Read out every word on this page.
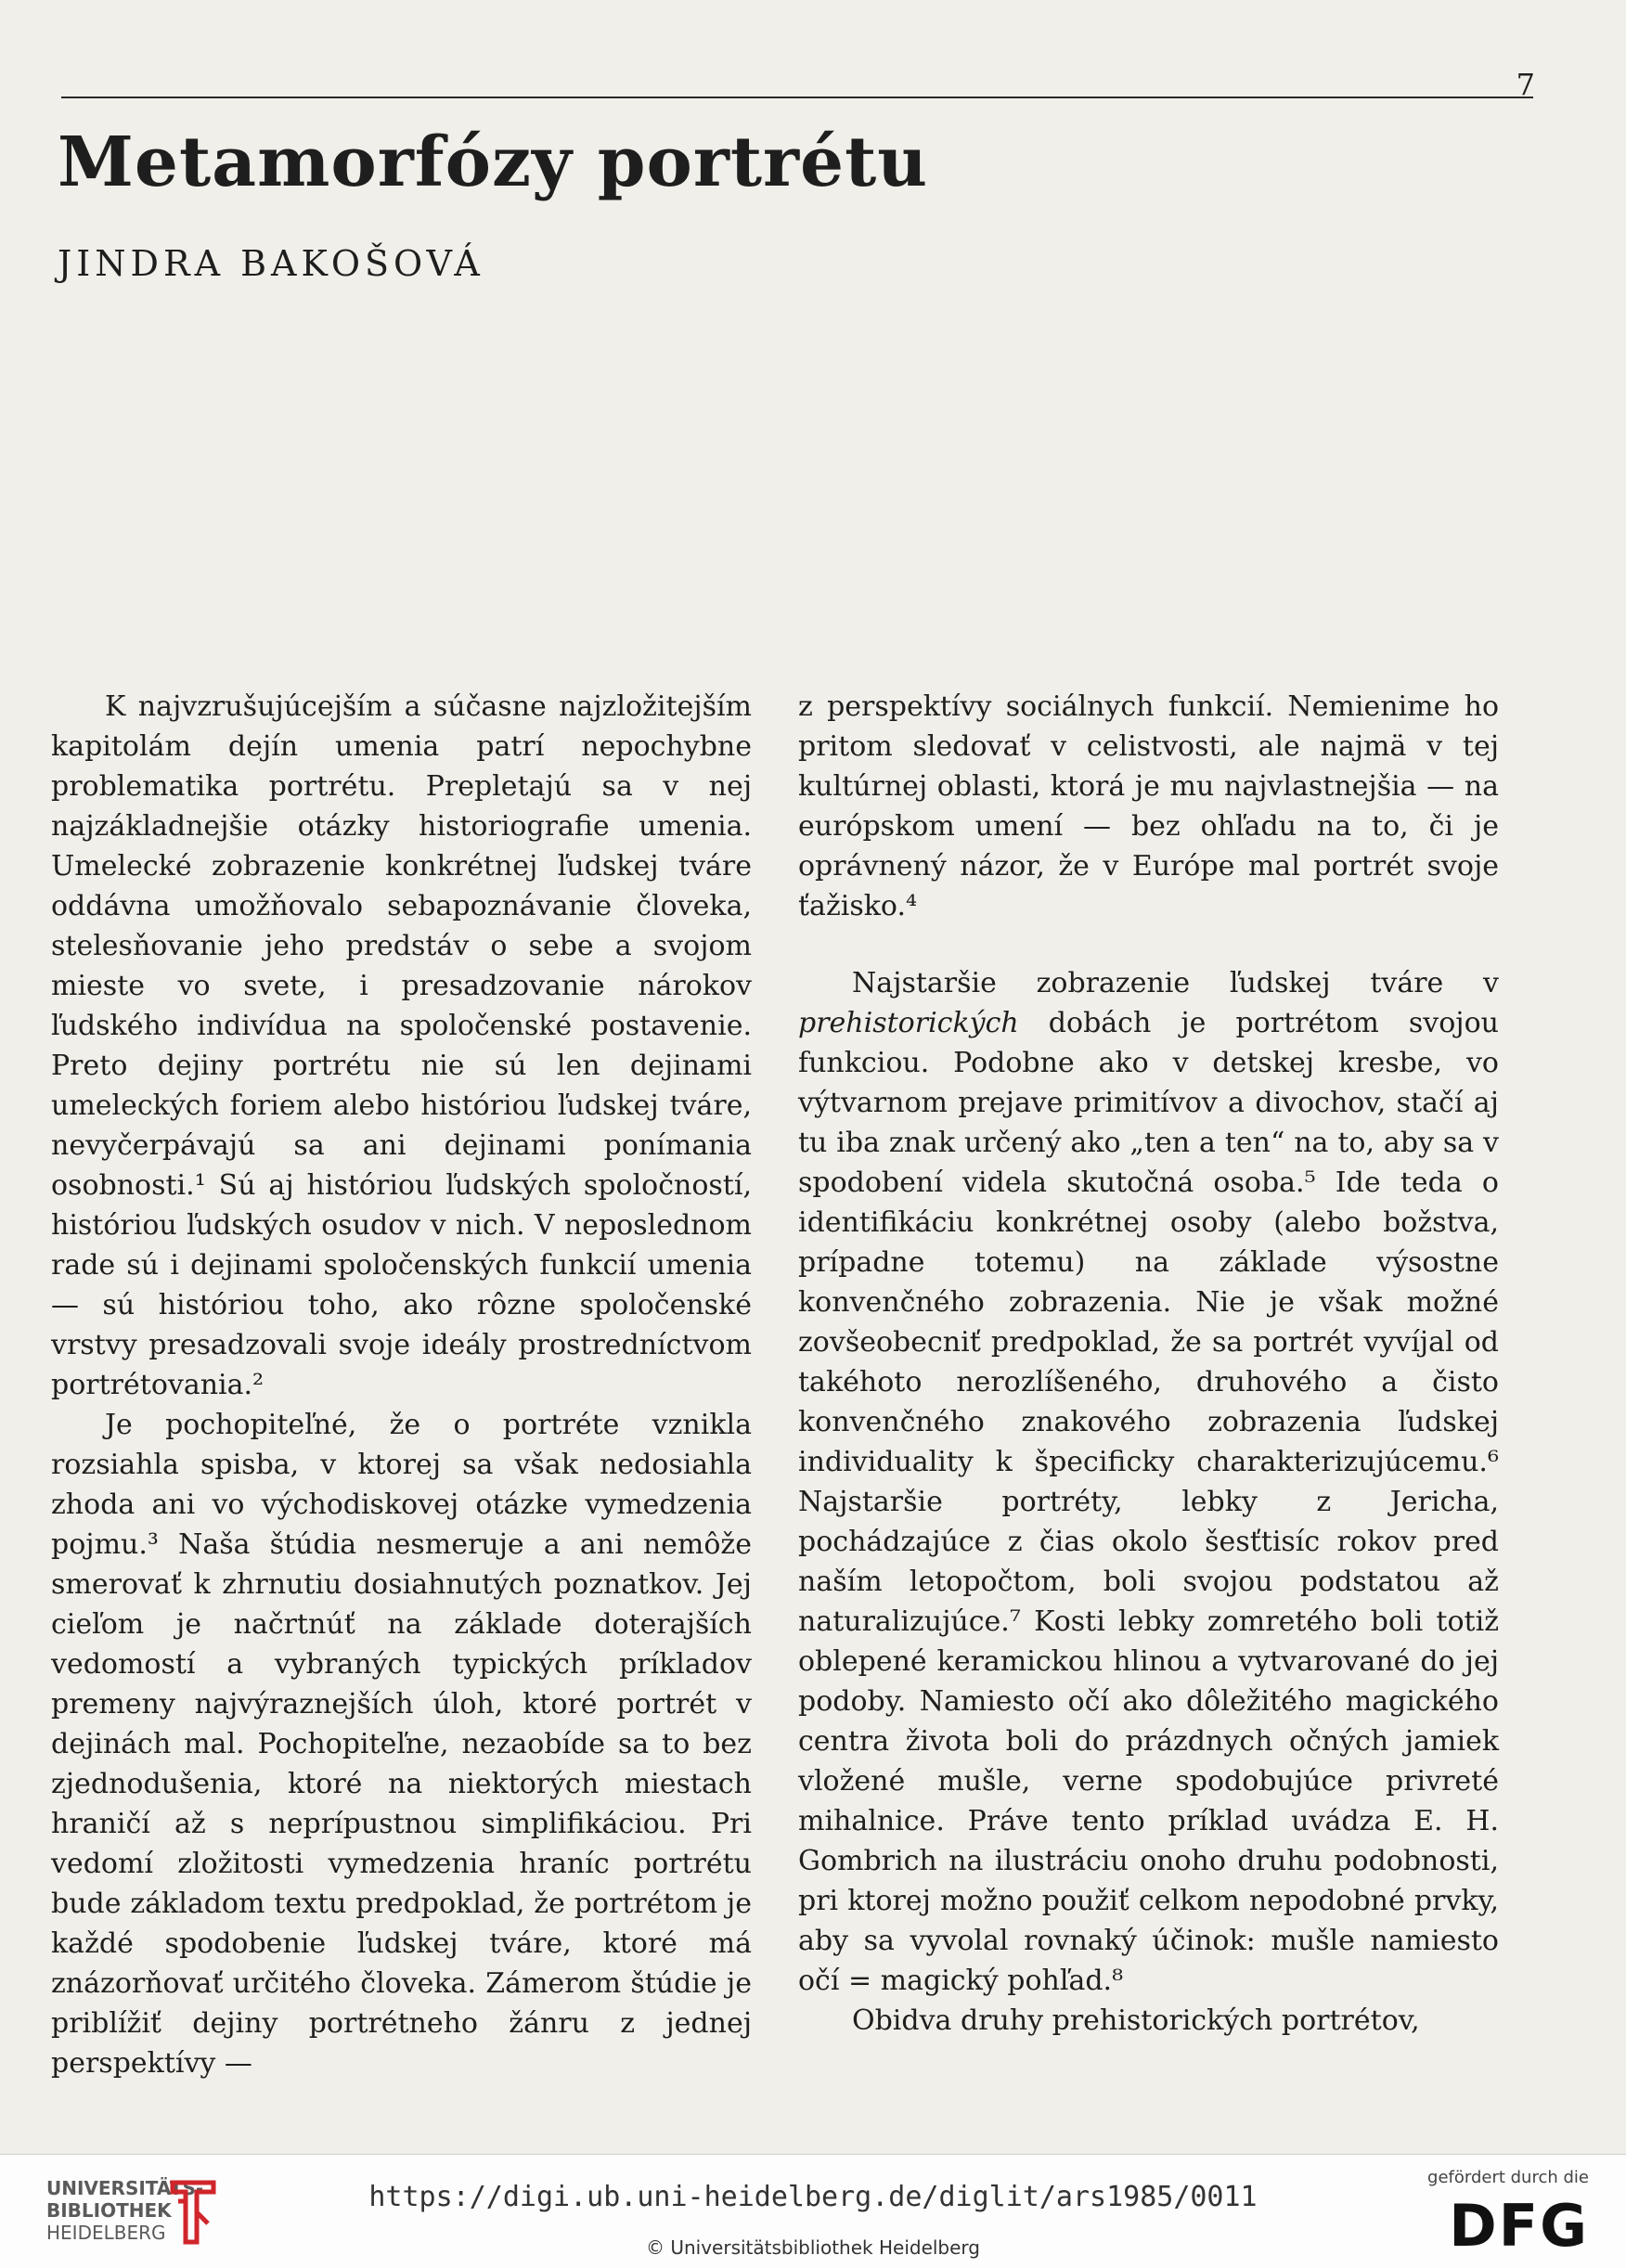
7
Metamorfózy portrétu
JINDRA BAKOŠOVÁ

K najvzrušujúcejším a súčasne najzložitejším kapitolám dejín umenia patrí nepochybne problematika portrétu. Prepletajú sa v nej najzákladnejšie otázky historiografie umenia. Umelecké zobrazenie konkrétnej ľudskej tváre oddávna umožňovalo sebapoznávanie človeka, stelesňovanie jeho predstáv o sebe a svojom mieste vo svete, i presadzovanie nárokov ľudského indivídua na spoločenské postavenie. Preto dejiny portrétu nie sú len dejinami umeleckých foriem alebo históriou ľudskej tváre, nevyčerpávajú sa ani dejinami ponímania osobnosti.¹ Sú aj históriou ľudských spoločností, históriou ľudských osudov v nich. V neposlednom rade sú i dejinami spoločenských funkcií umenia — sú históriou toho, ako rôzne spoločenské vrstvy presadzovali svoje ideály prostredníctvom portrétovania.²

Je pochopiteľné, že o portréte vznikla rozsiahla spisba, v ktorej sa však nedosiahla zhoda ani vo východiskovej otázke vymedzenia pojmu.³ Naša štúdia nesmeruje a ani nemôže smerovať k zhrnutiu dosiahnutých poznatkov. Jej cieľom je načrtnúť na základe doterajších vedomostí a vybraných typických príkladov premeny najvýraznejších úloh, ktoré portrét v dejinách mal. Pochopiteľne, nezaobíde sa to bez zjednodušenia, ktoré na niektorých miestach hraničí až s neprípustnou simplifikáciou. Pri vedomí zložitosti vymedzenia hraníc portrétu bude základom textu predpoklad, že portrétom je každé spodobenie ľudskej tváre, ktoré má znázorňovať určitého človeka. Zámerom štúdie je priblížiť dejiny portrétneho žánru z jednej perspektívy —

z perspektívy sociálnych funkcií. Nemienime ho pritom sledovať v celistvosti, ale najmä v tej kultúrnej oblasti, ktorá je mu najvlastnejšia — na európskom umení — bez ohľadu na to, či je oprávnený názor, že v Európe mal portrét svoje ťažisko.⁴

Najstaršie zobrazenie ľudskej tváre v prehistorických dobách je portrétom svojou funkciou. Podobne ako v detskej kresbe, vo výtvarnom prejave primitívov a divochov, stačí aj tu iba znak určený ako „ten a ten“ na to, aby sa v spodobení videla skutočná osoba.⁵ Ide teda o identifikáciu konkrétnej osoby (alebo božstva, prípadne totemu) na základe výsostne konvenčného zobrazenia. Nie je však možné zovšeobecniť predpoklad, že sa portrét vyvíjal od takéhoto nerozlíšeného, druhového a čisto konvenčného znakového zobrazenia ľudskej individuality k špecificky charakterizujúcemu.⁶ Najstaršie portréty, lebky z Jericha, pochádzajúce z čias okolo šesťtisíc rokov pred naším letopočtom, boli svojou podstatou až naturalizujúce.⁷ Kosti lebky zomretého boli totiž oblepené keramickou hlinou a vytvarované do jej podoby. Namiesto očí ako dôležitého magického centra života boli do prázdnych očných jamiek vložené mušle, verne spodobujúce privreté mihalnice. Práve tento príklad uvádza E. H. Gombrich na ilustráciu onoho druhu podobnosti, pri ktorej možno použiť celkom nepodobné prvky, aby sa vyvolal rovnaký účinok: mušle namiesto očí = magický pohľad.⁸

Obidva druhy prehistorických portrétov,

UNIVERSITÄTS-
BIBLIOTHEK
HEIDELBERG
https://digi.ub.uni-heidelberg.de/diglit/ars1985/0011
© Universitätsbibliothek Heidelberg
gefördert durch die
DFG
